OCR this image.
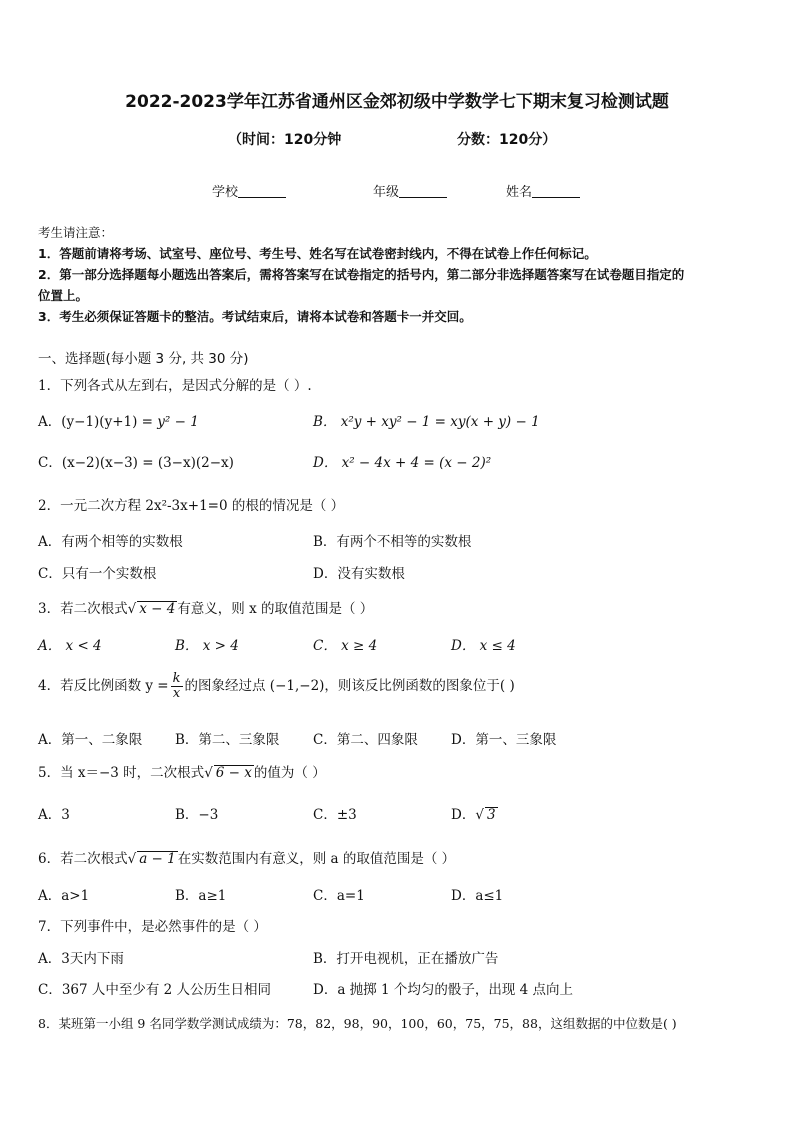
2022-2023学年江苏省通州区金郊初级中学数学七下期末复习检测试题
（时间：120分钟	分数：120分）
学校	年级	姓名
考生请注意：
1．答题前请将考场、试室号、座位号、考生号、姓名写在试卷密封线内，不得在试卷上作任何标记。
2．第一部分选择题每小题选出答案后，需将答案写在试卷指定的括号内，第二部分非选择题答案写在试卷题目指定的
位置上。
3．考生必须保证答题卡的整洁。考试结束后，请将本试卷和答题卡一并交回。
一、选择题(每小题 3 分, 共 30 分)
1．下列各式从左到右，是因式分解的是（ ）.
A．(y−1)(y+1) = y² − 1	B． x²y + xy² − 1 = xy(x + y) − 1
C．(x−2)(x−3) = (3−x)(2−x)	D． x² − 4x + 4 = (x − 2)²
2．一元二次方程 2x²-3x+1=0 的根的情况是（ ）
A．有两个相等的实数根	B．有两个不相等的实数根
C．只有一个实数根	D．没有实数根
3．若二次根式√ x − 4 有意义，则 x 的取值范围是（ ）
A． x < 4	B． x > 4	C． x ≥ 4	D． x ≤ 4
4．若反比例函数 $y = \frac{k}{x}$ 的图象经过点 (−1,−2)，则该反比例函数的图象位于( )
A．第一、二象限 B．第二、三象限 C．第二、四象限 D．第一、三象限
5．当 x＝−3 时，二次根式√ 6 − x 的值为（ ）
A．3	B．−3	C．±3	D．√ 3
6．若二次根式√ a − 1 在实数范围内有意义，则 a 的取值范围是（ ）
A．a>1	B．a≥1	C．a=1	D．a≤1
7．下列事件中，是必然事件的是（ ）
A．3天内下雨	B．打开电视机，正在播放广告
C．367 人中至少有 2 人公历生日相同	D．a 抛掷 1 个均匀的骰子，出现 4 点向上
8．某班第一小组 9 名同学数学测试成绩为：78，82，98，90，100，60，75，75，88，这组数据的中位数是( )
